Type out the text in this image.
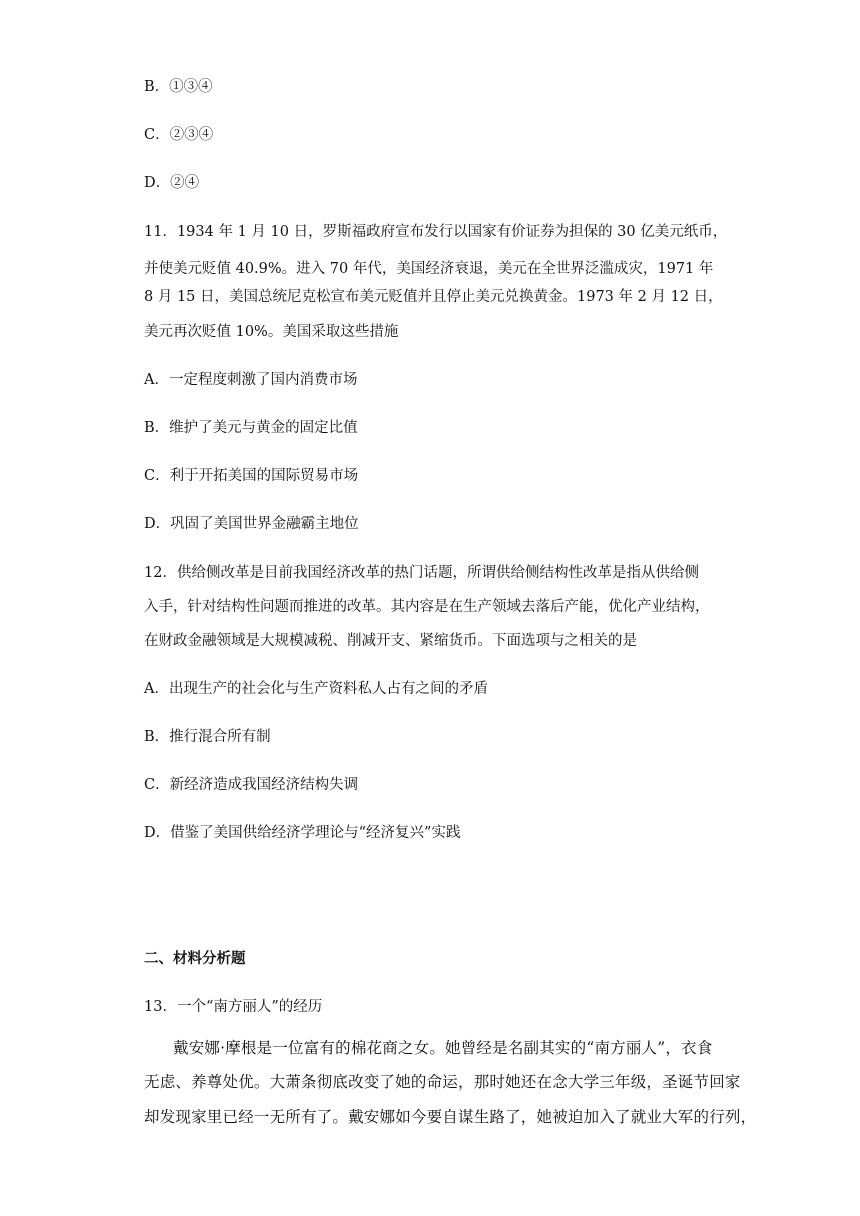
B．①③④

C．②③④

D．②④

11．1934 年 1 月 10 日，罗斯福政府宣布发行以国家有价证券为担保的 30 亿美元纸币，

并使美元贬值 40.9%。进入 70 年代，美国经济衰退，美元在全世界泛滥成灾，1971 年

8 月 15 日，美国总统尼克松宣布美元贬值并且停止美元兑换黄金。1973 年 2 月 12 日，

美元再次贬值 10%。美国采取这些措施

A．一定程度刺激了国内消费市场

B．维护了美元与黄金的固定比值

C．利于开拓美国的国际贸易市场

D．巩固了美国世界金融霸主地位

12．供给侧改革是目前我国经济改革的热门话题，所谓供给侧结构性改革是指从供给侧

入手，针对结构性问题而推进的改革。其内容是在生产领域去落后产能，优化产业结构，

在财政金融领域是大规模减税、削减开支、紧缩货币。下面选项与之相关的是

A．出现生产的社会化与生产资料私人占有之间的矛盾

B．推行混合所有制

C．新经济造成我国经济结构失调

D．借鉴了美国供给经济学理论与“经济复兴”实践

二、材料分析题

13．一个“南方丽人”的经历

戴安娜·摩根是一位富有的棉花商之女。她曾经是名副其实的“南方丽人”，衣食

无虑、养尊处优。大萧条彻底改变了她的命运，那时她还在念大学三年级，圣诞节回家

却发现家里已经一无所有了。戴安娜如今要自谋生路了，她被迫加入了就业大军的行列，
